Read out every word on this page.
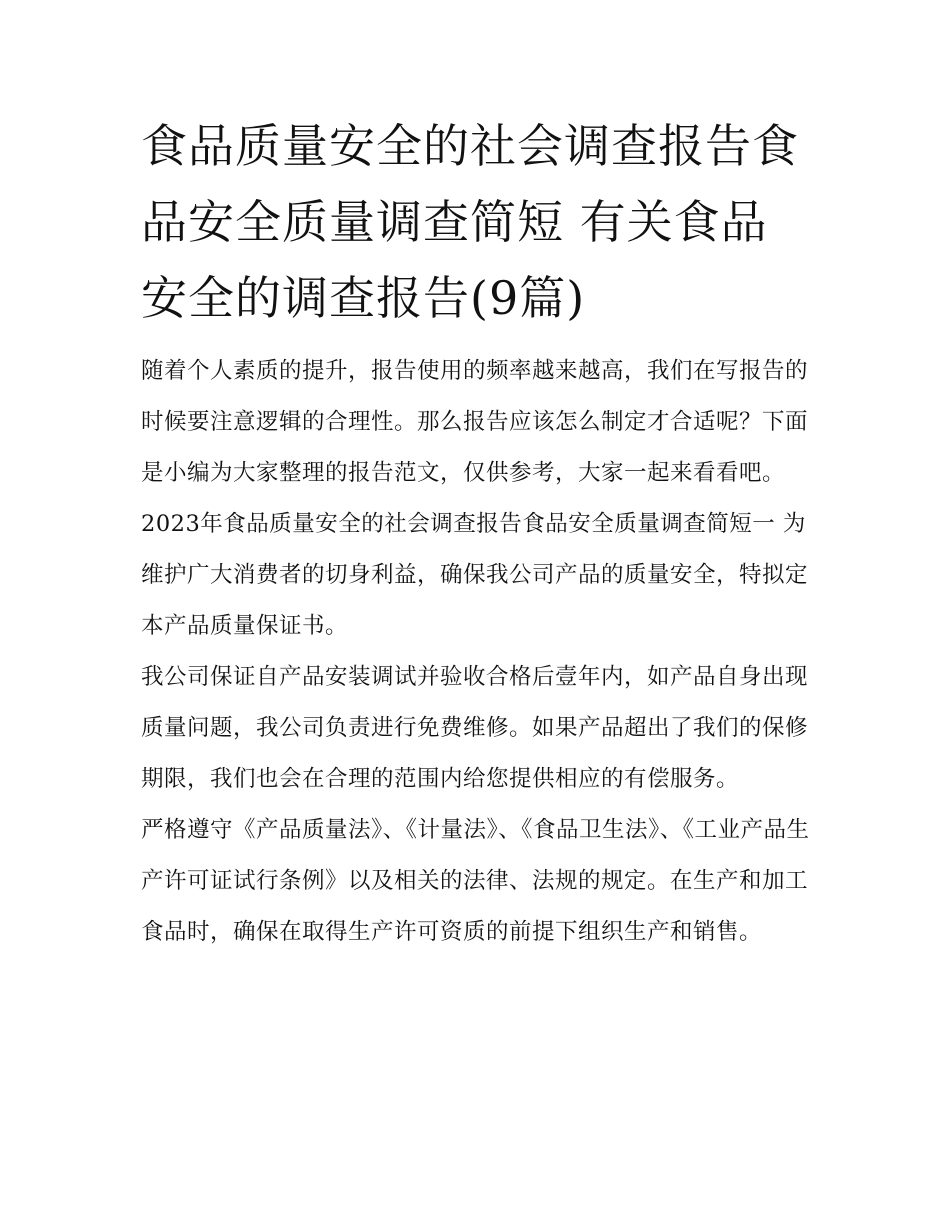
食品质量安全的社会调查报告食品安全质量调查简短 有关食品安全的调查报告(9篇)

随着个人素质的提升，报告使用的频率越来越高，我们在写报告的时候要注意逻辑的合理性。那么报告应该怎么制定才合适呢？下面是小编为大家整理的报告范文，仅供参考，大家一起来看看吧。

2023年食品质量安全的社会调查报告食品安全质量调查简短一 为维护广大消费者的切身利益，确保我公司产品的质量安全，特拟定本产品质量保证书。

我公司保证自产品安装调试并验收合格后壹年内，如产品自身出现质量问题，我公司负责进行免费维修。如果产品超出了我们的保修期限，我们也会在合理的范围内给您提供相应的有偿服务。

严格遵守《产品质量法》、《计量法》、《食品卫生法》、《工业产品生产许可证试行条例》以及相关的法律、法规的规定。在生产和加工食品时，确保在取得生产许可资质的前提下组织生产和销售。
